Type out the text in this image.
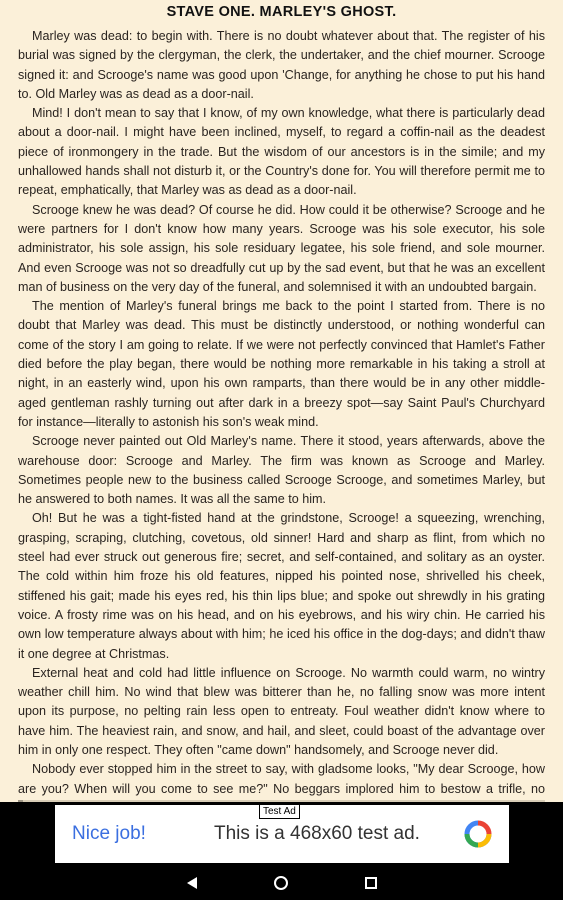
STAVE ONE. MARLEY'S GHOST.

Marley was dead: to begin with. There is no doubt whatever about that. The register of his burial was signed by the clergyman, the clerk, the undertaker, and the chief mourner. Scrooge signed it: and Scrooge's name was good upon 'Change, for anything he chose to put his hand to. Old Marley was as dead as a door-nail.

Mind! I don't mean to say that I know, of my own knowledge, what there is particularly dead about a door-nail. I might have been inclined, myself, to regard a coffin-nail as the deadest piece of ironmongery in the trade. But the wisdom of our ancestors is in the simile; and my unhallowed hands shall not disturb it, or the Country's done for. You will therefore permit me to repeat, emphatically, that Marley was as dead as a door-nail.

Scrooge knew he was dead? Of course he did. How could it be otherwise? Scrooge and he were partners for I don't know how many years. Scrooge was his sole executor, his sole administrator, his sole assign, his sole residuary legatee, his sole friend, and sole mourner. And even Scrooge was not so dreadfully cut up by the sad event, but that he was an excellent man of business on the very day of the funeral, and solemnised it with an undoubted bargain.

The mention of Marley's funeral brings me back to the point I started from. There is no doubt that Marley was dead. This must be distinctly understood, or nothing wonderful can come of the story I am going to relate. If we were not perfectly convinced that Hamlet's Father died before the play began, there would be nothing more remarkable in his taking a stroll at night, in an easterly wind, upon his own ramparts, than there would be in any other middle-aged gentleman rashly turning out after dark in a breezy spot—say Saint Paul's Churchyard for instance—literally to astonish his son's weak mind.

Scrooge never painted out Old Marley's name. There it stood, years afterwards, above the warehouse door: Scrooge and Marley. The firm was known as Scrooge and Marley. Sometimes people new to the business called Scrooge Scrooge, and sometimes Marley, but he answered to both names. It was all the same to him.

Oh! But he was a tight-fisted hand at the grindstone, Scrooge! a squeezing, wrenching, grasping, scraping, clutching, covetous, old sinner! Hard and sharp as flint, from which no steel had ever struck out generous fire; secret, and self-contained, and solitary as an oyster. The cold within him froze his old features, nipped his pointed nose, shrivelled his cheek, stiffened his gait; made his eyes red, his thin lips blue; and spoke out shrewdly in his grating voice. A frosty rime was on his head, and on his eyebrows, and his wiry chin. He carried his own low temperature always about with him; he iced his office in the dog-days; and didn't thaw it one degree at Christmas.

External heat and cold had little influence on Scrooge. No warmth could warm, no wintry weather chill him. No wind that blew was bitterer than he, no falling snow was more intent upon its purpose, no pelting rain less open to entreaty. Foul weather didn't know where to have him. The heaviest rain, and snow, and hail, and sleet, could boast of the advantage over him in only one respect. They often "came down" handsomely, and Scrooge never did.

Nobody ever stopped him in the street to say, with gladsome looks, "My dear Scrooge, how are you? When will you come to see me?" No beggars implored him to bestow a trifle, no

Nice job!	This is a 468x60 test ad.
Test Ad
